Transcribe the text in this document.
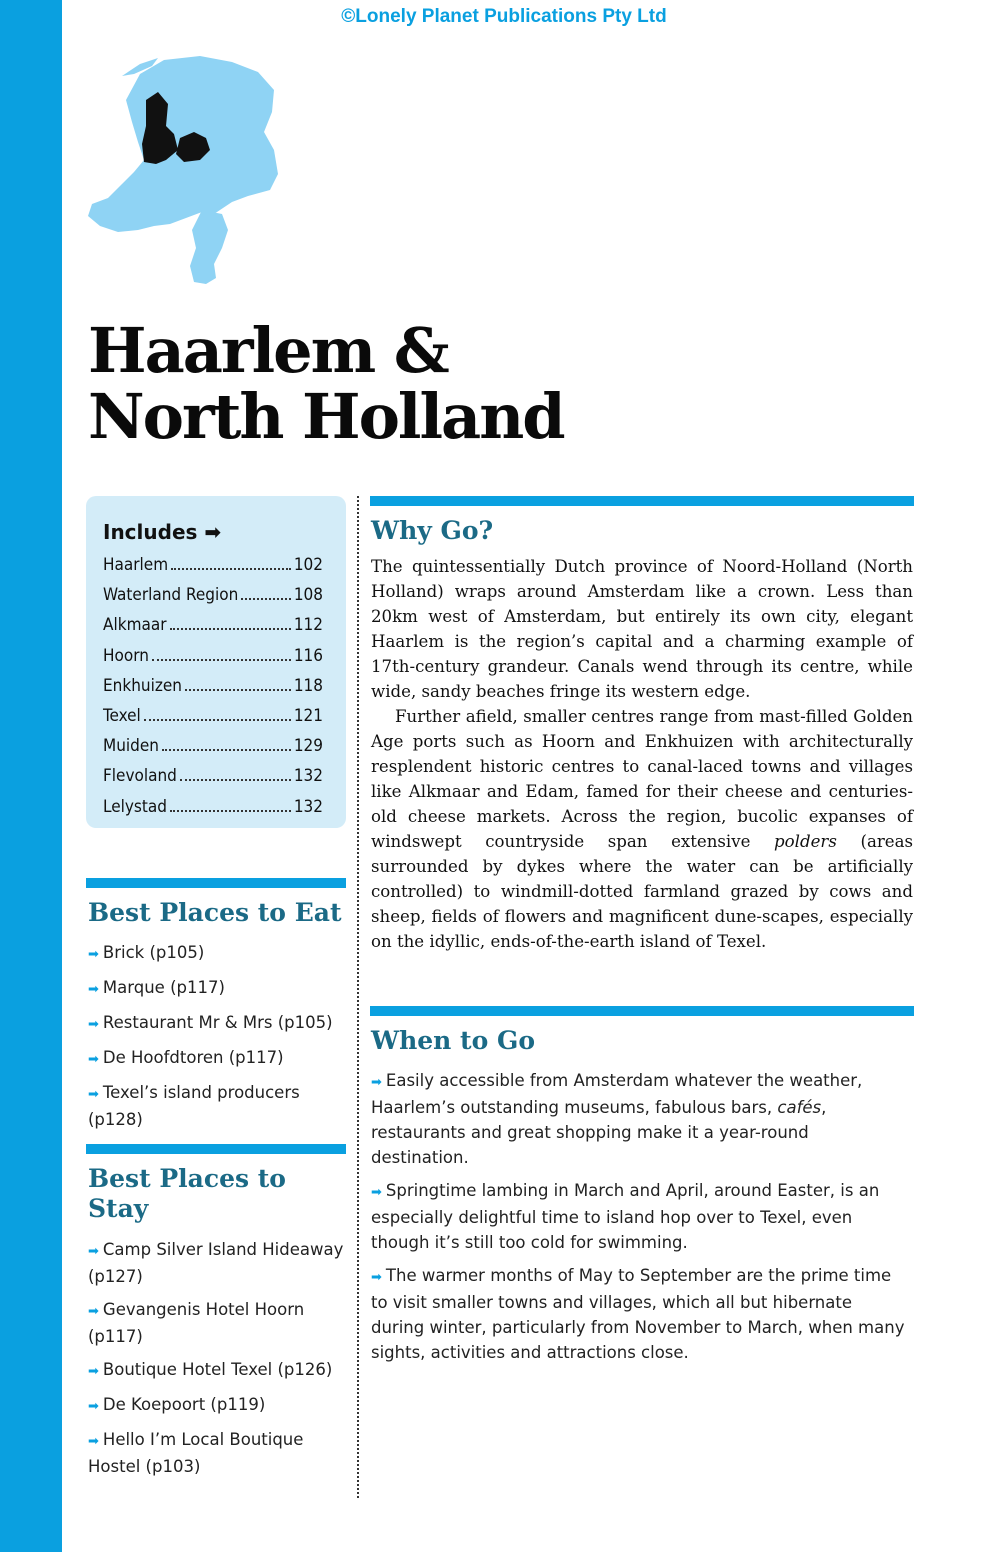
©Lonely Planet Publications Pty Ltd
Haarlem &
North Holland
Includes ➡
Haarlem	102
Waterland Region	108
Alkmaar	112
Hoorn	116
Enkhuizen	118
Texel	121
Muiden	129
Flevoland	132
Lelystad	132
Best Places to Eat
➡ Brick (p105)
➡ Marque (p117)
➡ Restaurant Mr & Mrs (p105)
➡ De Hoofdtoren (p117)
➡ Texel’s island producers (p128)
Best Places to Stay
➡ Camp Silver Island Hideaway (p127)
➡ Gevangenis Hotel Hoorn (p117)
➡ Boutique Hotel Texel (p126)
➡ De Koepoort (p119)
➡ Hello I’m Local Boutique Hostel (p103)
Why Go?

The quintessentially Dutch province of Noord-Holland (North Holland) wraps around Amsterdam like a crown. Less than 20km west of Amsterdam, but entirely its own city, elegant Haarlem is the region’s capital and a charming example of 17th-century grandeur. Canals wend through its centre, while wide, sandy beaches fringe its western edge.

Further afield, smaller centres range from mast-filled Golden Age ports such as Hoorn and Enkhuizen with architecturally resplendent historic centres to canal-laced towns and villages like Alkmaar and Edam, famed for their cheese and centuries-old cheese markets. Across the region, bucolic expanses of windswept countryside span extensive polders (areas surrounded by dykes where the water can be artificially controlled) to windmill-dotted farmland grazed by cows and sheep, fields of flowers and magnificent dune-scapes, especially on the idyllic, ends-of-the-earth island of Texel.

When to Go
➡ Easily accessible from Amsterdam whatever the weather, Haarlem’s outstanding museums, fabulous bars, cafés, restaurants and great shopping make it a year-round destination.
➡ Springtime lambing in March and April, around Easter, is an especially delightful time to island hop over to Texel, even though it’s still too cold for swimming.
➡ The warmer months of May to September are the prime time to visit smaller towns and villages, which all but hibernate during winter, particularly from November to March, when many sights, activities and attractions close.
